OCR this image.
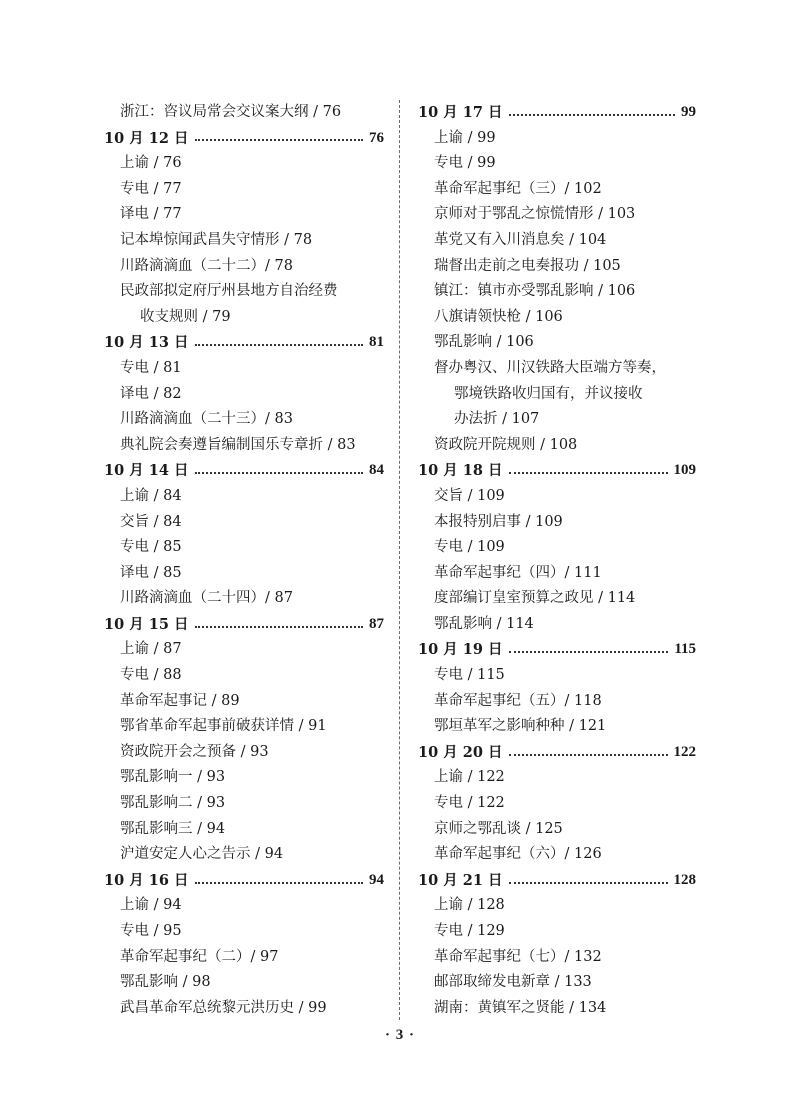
浙江：咨议局常会交议案大纲 / 76
10 月 12 日	76
上谕 / 76
专电 / 77
译电 / 77
记本埠惊闻武昌失守情形 / 78
川路滴滴血（二十二）/ 78
民政部拟定府厅州县地方自治经费
收支规则 / 79
10 月 13 日	81
专电 / 81
译电 / 82
川路滴滴血（二十三）/ 83
典礼院会奏遵旨编制国乐专章折 / 83
10 月 14 日	84
上谕 / 84
交旨 / 84
专电 / 85
译电 / 85
川路滴滴血（二十四）/ 87
10 月 15 日	87
上谕 / 87
专电 / 88
革命军起事记 / 89
鄂省革命军起事前破获详情 / 91
资政院开会之预备 / 93
鄂乱影响一 / 93
鄂乱影响二 / 93
鄂乱影响三 / 94
沪道安定人心之告示 / 94
10 月 16 日	94
上谕 / 94
专电 / 95
革命军起事纪（二）/ 97
鄂乱影响 / 98
武昌革命军总统黎元洪历史 / 99
10 月 17 日	99
上谕 / 99
专电 / 99
革命军起事纪（三）/ 102
京师对于鄂乱之惊慌情形 / 103
革党又有入川消息矣 / 104
瑞督出走前之电奏报功 / 105
镇江：镇市亦受鄂乱影响 / 106
八旗请领快枪 / 106
鄂乱影响 / 106
督办粤汉、川汉铁路大臣端方等奏，
鄂境铁路收归国有，并议接收
办法折 / 107
资政院开院规则 / 108
10 月 18 日	109
交旨 / 109
本报特别启事 / 109
专电 / 109
革命军起事纪（四）/ 111
度部编订皇室预算之政见 / 114
鄂乱影响 / 114
10 月 19 日	115
专电 / 115
革命军起事纪（五）/ 118
鄂垣革军之影响种种 / 121
10 月 20 日	122
上谕 / 122
专电 / 122
京师之鄂乱谈 / 125
革命军起事纪（六）/ 126
10 月 21 日	128
上谕 / 128
专电 / 129
革命军起事纪（七）/ 132
邮部取缔发电新章 / 133
湖南：黄镇军之贤能 / 134
· 3 ·
